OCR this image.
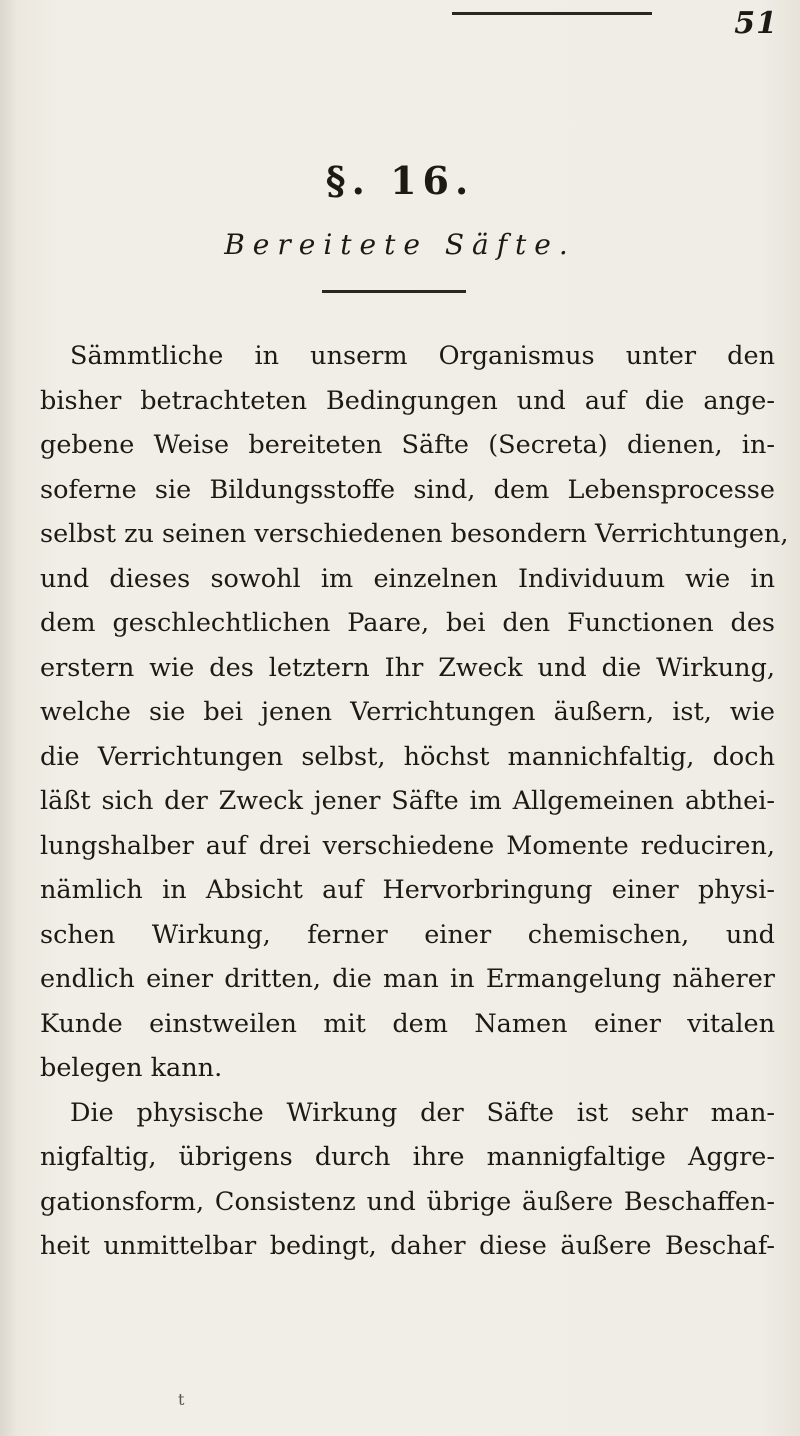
51
§. 16.
Bereitete Säfte.
Sämmtliche in unserm Organismus unter den
bisher betrachteten Bedingungen und auf die ange-
gebene Weise bereiteten Säfte (Secreta) dienen, in-
soferne sie Bildungsstoffe sind, dem Lebensprocesse
selbst zu seinen verschiedenen besondern Verrichtungen,
und dieses sowohl im einzelnen Individuum wie in
dem geschlechtlichen Paare, bei den Functionen des
erstern wie des letztern Ihr Zweck und die Wirkung,
welche sie bei jenen Verrichtungen äußern, ist, wie
die Verrichtungen selbst, höchst mannichfaltig, doch
läßt sich der Zweck jener Säfte im Allgemeinen abthei-
lungshalber auf drei verschiedene Momente reduciren,
nämlich in Absicht auf Hervorbringung einer physi-
schen Wirkung, ferner einer chemischen, und
endlich einer dritten, die man in Ermangelung näherer
Kunde einstweilen mit dem Namen einer vitalen
belegen kann.
Die physische Wirkung der Säfte ist sehr man-
nigfaltig, übrigens durch ihre mannigfaltige Aggre-
gationsform, Consistenz und übrige äußere Beschaffen-
heit unmittelbar bedingt, daher diese äußere Beschaf-
t
